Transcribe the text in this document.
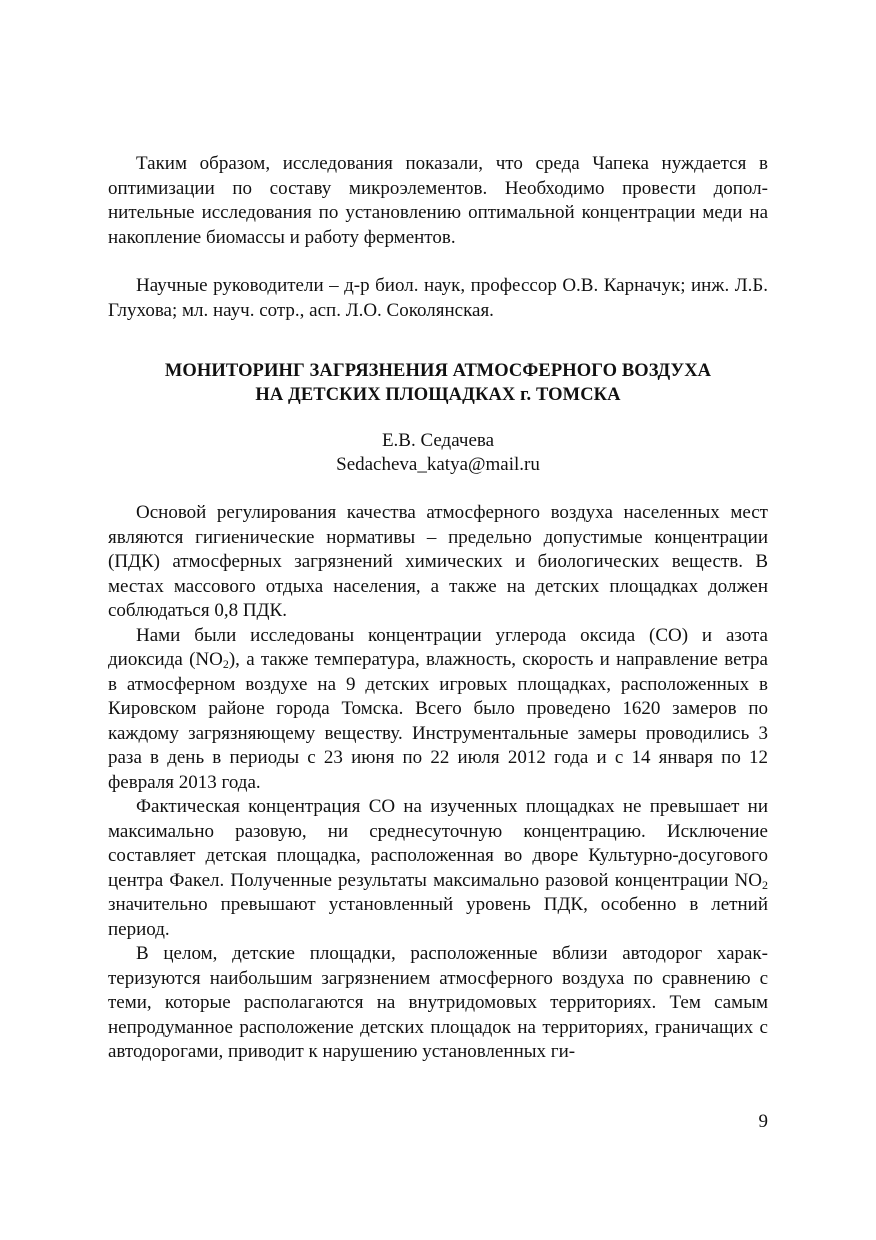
Таким образом, исследования показали, что среда Чапека нуждается в оптимизации по составу микроэлементов. Необходимо провести дополнительные исследования по установлению оптимальной концентрации меди на накопление биомассы и работу ферментов.

Научные руководители – д-р биол. наук, профессор О.В. Карначук; инж. Л.Б. Глухова; мл. науч. сотр., асп. Л.О. Соколянская.

МОНИТОРИНГ ЗАГРЯЗНЕНИЯ АТМОСФЕРНОГО ВОЗДУХА
НА ДЕТСКИХ ПЛОЩАДКАХ г. ТОМСКА

Е.В. Седачева

Sedacheva_katya@mail.ru

Основой регулирования качества атмосферного воздуха населенных мест являются гигиенические нормативы – предельно допустимые концентрации (ПДК) атмосферных загрязнений химических и биологических веществ. В местах массового отдыха населения, а также на детских площадках должен соблюдаться 0,8 ПДК.

Нами были исследованы концентрации углерода оксида (СО) и азота диоксида $(NO_2)$, а также температура, влажность, скорость и направление ветра в атмосферном воздухе на 9 детских игровых площадках, расположенных в Кировском районе города Томска. Всего было проведено 1620 замеров по каждому загрязняющему веществу. Инструментальные замеры проводились 3 раза в день в периоды с 23 июня по 22 июля 2012 года и с 14 января по 12 февраля 2013 года.

Фактическая концентрация СО на изученных площадках не превышает ни максимально разовую, ни среднесуточную концентрацию. Исключение составляет детская площадка, расположенная во дворе Культурно-досугового центра Факел. Полученные результаты максимально разовой концентрации $NO_2$ значительно превышают установленный уровень ПДК, особенно в летний период.

В целом, детские площадки, расположенные вблизи автодорог характеризуются наибольшим загрязнением атмосферного воздуха по сравнению с теми, которые располагаются на внутридомовых территориях. Тем самым непродуманное расположение детских площадок на территориях, граничащих с автодорогами, приводит к нарушению установленных ги-

9
